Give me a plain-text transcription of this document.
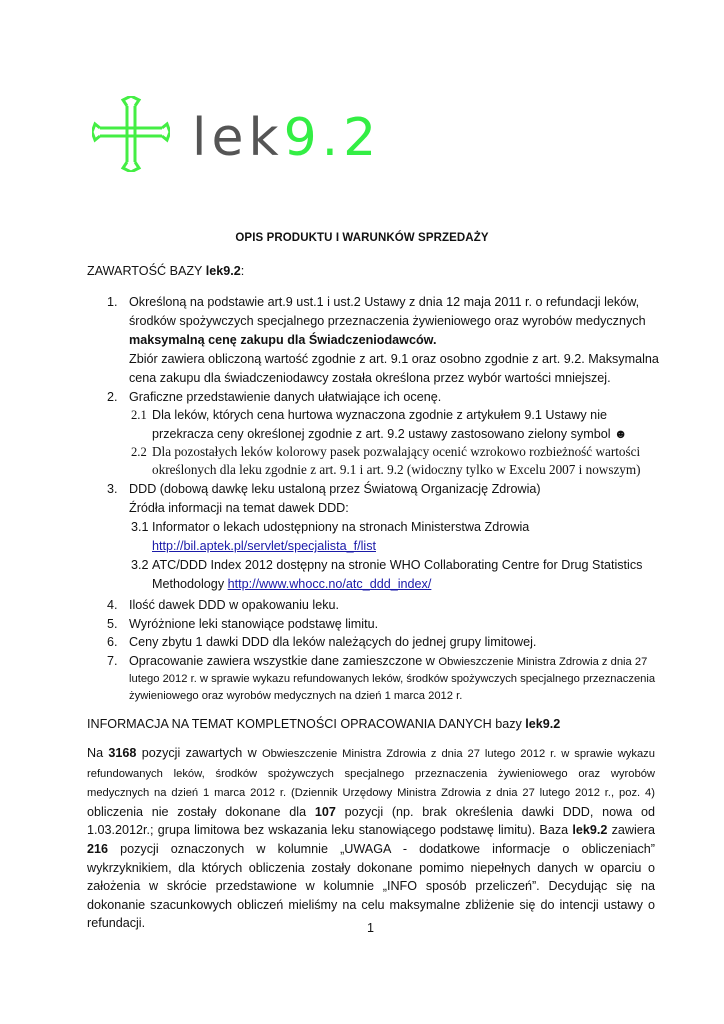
lek9.2
OPIS PRODUKTU I WARUNKÓW SPRZEDAŻY
ZAWARTOŚĆ BAZY lek9.2:
1. Określoną na podstawie art.9 ust.1 i ust.2 Ustawy z dnia 12 maja 2011 r. o refundacji leków,
środków spożywczych specjalnego przeznaczenia żywieniowego oraz wyrobów medycznych
maksymalną cenę zakupu dla Świadczeniodawców.
Zbiór zawiera obliczoną wartość zgodnie z art. 9.1 oraz osobno zgodnie z art. 9.2. Maksymalna
cena zakupu dla świadczeniodawcy została określona przez wybór wartości mniejszej.
2. Graficzne przedstawienie danych ułatwiające ich ocenę.
2.1 Dla leków, których cena hurtowa wyznaczona zgodnie z artykułem 9.1 Ustawy nie
przekracza ceny określonej zgodnie z art. 9.2 ustawy zastosowano zielony symbol ☻
2.2 Dla pozostałych leków kolorowy pasek pozwalający ocenić wzrokowo rozbieżność wartości
określonych dla leku zgodnie z art. 9.1 i art. 9.2 (widoczny tylko w Excelu 2007 i nowszym)
3. DDD (dobową dawkę leku ustaloną przez Światową Organizację Zdrowia)
Źródła informacji na temat dawek DDD:
3.1 Informator o lekach udostępniony na stronach Ministerstwa Zdrowia
http://bil.aptek.pl/servlet/specjalista_f/list
3.2 ATC/DDD Index 2012 dostępny na stronie WHO Collaborating Centre for Drug Statistics
Methodology http://www.whocc.no/atc_ddd_index/
4. Ilość dawek DDD w opakowaniu leku.
5. Wyróżnione leki stanowiące podstawę limitu.
6. Ceny zbytu 1 dawki DDD dla leków należących do jednej grupy limitowej.
7. Opracowanie zawiera wszystkie dane zamieszczone w Obwieszczenie Ministra Zdrowia z dnia 27
lutego 2012 r. w sprawie wykazu refundowanych leków, środków spożywczych specjalnego przeznaczenia
żywieniowego oraz wyrobów medycznych na dzień 1 marca 2012 r.
INFORMACJA NA TEMAT KOMPLETNOŚCI OPRACOWANIA DANYCH bazy lek9.2
Na 3168 pozycji zawartych w Obwieszczenie Ministra Zdrowia z dnia 27 lutego 2012 r. w sprawie wykazu refundowanych leków, środków spożywczych specjalnego przeznaczenia żywieniowego oraz wyrobów medycznych na dzień 1 marca 2012 r. (Dziennik Urzędowy Ministra Zdrowia z dnia 27 lutego 2012 r., poz. 4) obliczenia nie zostały dokonane dla 107 pozycji (np. brak określenia dawki DDD, nowa od 1.03.2012r.; grupa limitowa bez wskazania leku stanowiącego podstawę limitu). Baza lek9.2 zawiera 216 pozycji oznaczonych w kolumnie „UWAGA - dodatkowe informacje o obliczeniach” wykrzyknikiem, dla których obliczenia zostały dokonane pomimo niepełnych danych w oparciu o założenia w skrócie przedstawione w kolumnie „INFO sposób przeliczeń”. Decydując się na dokonanie szacunkowych obliczeń mieliśmy na celu maksymalne zbliżenie się do intencji ustawy o refundacji.	1
